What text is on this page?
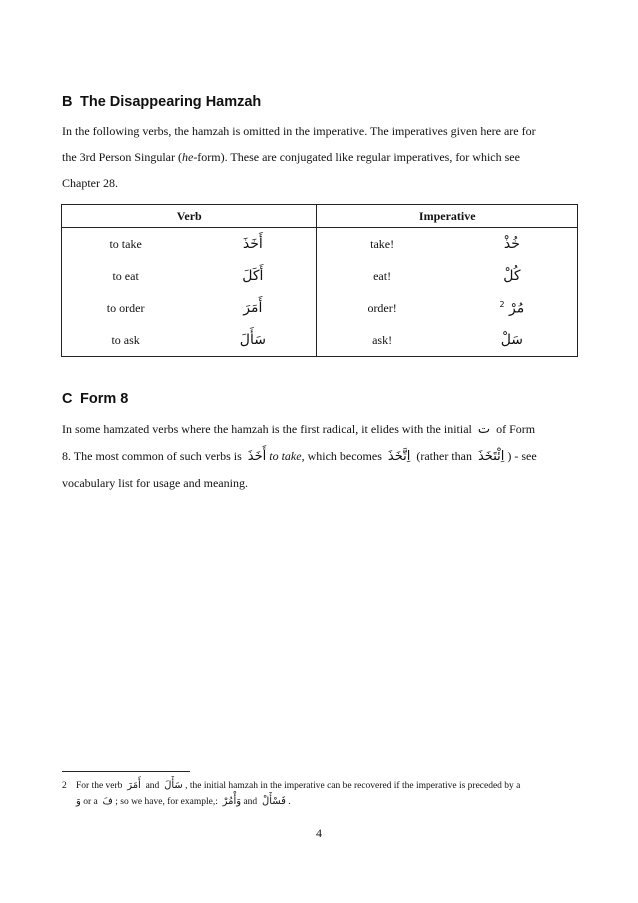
B The Disappearing Hamzah
In the following verbs, the hamzah is omitted in the imperative. The imperatives given here are for
the 3rd Person Singular (he-form). These are conjugated like regular imperatives, for which see
Chapter 28.
Verb		Imperative	
to take	أَخَذَ	take!	خُذْ
to eat	أَكَلَ	eat!	كُلْ
to order	أَمَرَ	order!	$^2$ مُرْ
to ask	سَأَلَ	ask!	سَلْ
C Form 8
In some hamzated verbs where the hamzah is the first radical, it elides with the initial ت of Form
8. The most common of such verbs is أَخَذَ to take, which becomes اِتَّخَذَ (rather than اِئْتَخَذَ ) - see
vocabulary list for usage and meaning.
2 For the verb أَمَرَ and سَأَلَ , the initial hamzah in the imperative can be recovered if the imperative is preceded by a
وَ or a فَ ; so we have, for example,: وَأْمُرْ and فَسْأَلْ .
4
